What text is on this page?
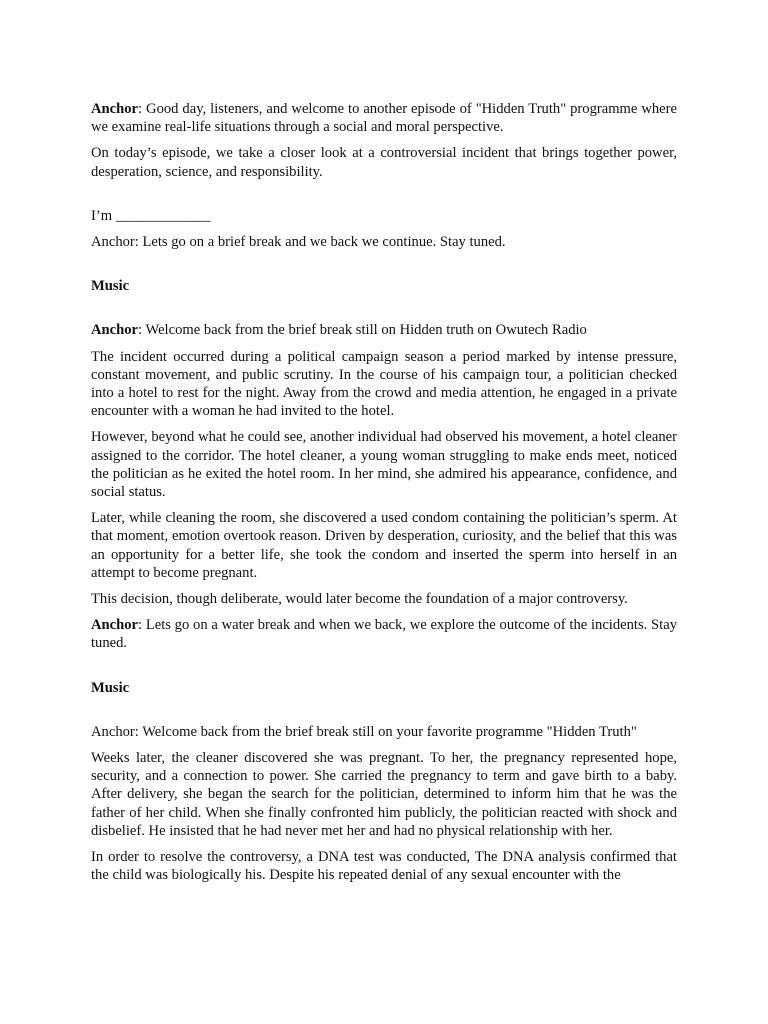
Anchor: Good day, listeners, and welcome to another episode of "Hidden Truth" programme where we examine real-life situations through a social and moral perspective.

On today’s episode, we take a closer look at a controversial incident that brings together power, desperation, science, and responsibility.

I’m _____________

Anchor: Lets go on a brief break and we back we continue. Stay tuned.

Music

Anchor: Welcome back from the brief break still on Hidden truth on Owutech Radio

The incident occurred during a political campaign season a period marked by intense pressure, constant movement, and public scrutiny. In the course of his campaign tour, a politician checked into a hotel to rest for the night. Away from the crowd and media attention, he engaged in a private encounter with a woman he had invited to the hotel.

However, beyond what he could see, another individual had observed his movement, a hotel cleaner assigned to the corridor. The hotel cleaner, a young woman struggling to make ends meet, noticed the politician as he exited the hotel room. In her mind, she admired his appearance, confidence, and social status.

Later, while cleaning the room, she discovered a used condom containing the politician’s sperm. At that moment, emotion overtook reason. Driven by desperation, curiosity, and the belief that this was an opportunity for a better life, she took the condom and inserted the sperm into herself in an attempt to become pregnant.

This decision, though deliberate, would later become the foundation of a major controversy.

Anchor: Lets go on a water break and when we back, we explore the outcome of the incidents. Stay tuned.

Music

Anchor: Welcome back from the brief break still on your favorite programme "Hidden Truth"

Weeks later, the cleaner discovered she was pregnant. To her, the pregnancy represented hope, security, and a connection to power. She carried the pregnancy to term and gave birth to a baby. After delivery, she began the search for the politician, determined to inform him that he was the father of her child. When she finally confronted him publicly, the politician reacted with shock and disbelief. He insisted that he had never met her and had no physical relationship with her.

In order to resolve the controversy, a DNA test was conducted, The DNA analysis confirmed that the child was biologically his. Despite his repeated denial of any sexual encounter with the
